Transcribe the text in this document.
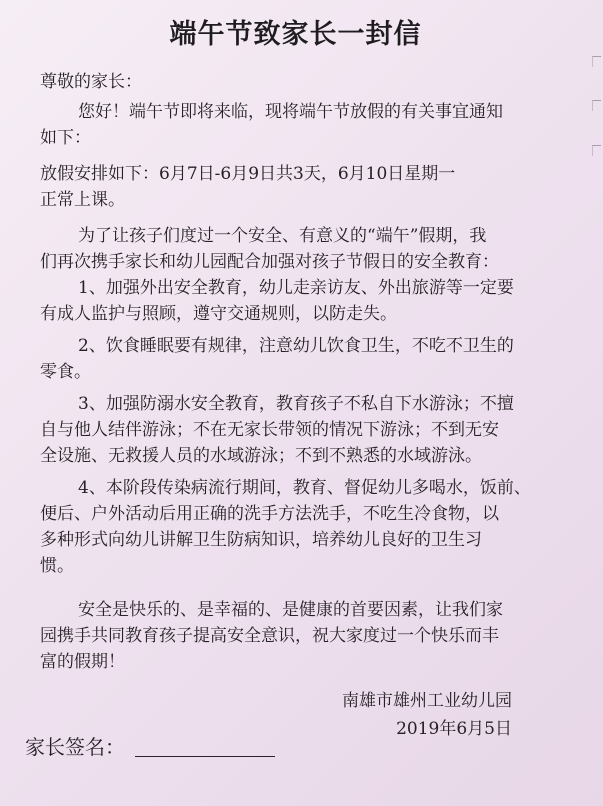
端午节致家长一封信

尊敬的家长：

您好！端午节即将来临，现将端午节放假的有关事宜通知

如下：

放假安排如下：6月7日-6月9日共3天，6月10日星期一

正常上课。

为了让孩子们度过一个安全、有意义的“端午”假期，我

们再次携手家长和幼儿园配合加强对孩子节假日的安全教育：

1、加强外出安全教育，幼儿走亲访友、外出旅游等一定要

有成人监护与照顾，遵守交通规则，以防走失。

2、饮食睡眠要有规律，注意幼儿饮食卫生，不吃不卫生的

零食。

3、加强防溺水安全教育，教育孩子不私自下水游泳；不擅

自与他人结伴游泳；不在无家长带领的情况下游泳；不到无安

全设施、无救援人员的水域游泳；不到不熟悉的水域游泳。

4、本阶段传染病流行期间，教育、督促幼儿多喝水，饭前、

便后、户外活动后用正确的洗手方法洗手，不吃生冷食物，以

多种形式向幼儿讲解卫生防病知识，培养幼儿良好的卫生习

惯。

安全是快乐的、是幸福的、是健康的首要因素，让我们家

园携手共同教育孩子提高安全意识，祝大家度过一个快乐而丰

富的假期！

南雄市雄州工业幼儿园

2019年6月5日

家长签名：
